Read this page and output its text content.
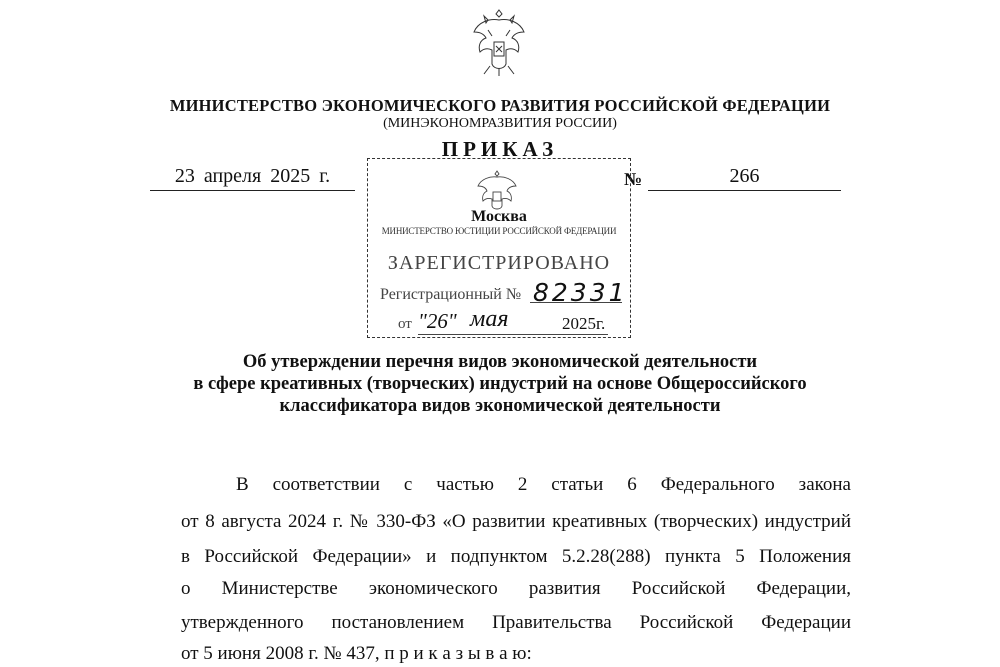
МИНИСТЕРСТВО ЭКОНОМИЧЕСКОГО РАЗВИТИЯ РОССИЙСКОЙ ФЕДЕРАЦИИ
(МИНЭКОНОМРАЗВИТИЯ РОССИИ)
ПРИКАЗ
23 апреля 2025 г.	№	266
Москва
МИНИСТЕРСТВО ЮСТИЦИИ РОССИЙСКОЙ ФЕДЕРАЦИИ
ЗАРЕГИСТРИРОВАНО
Регистрационный № 82331
от "26" мая	2025г.
Об утверждении перечня видов экономической деятельности
в сфере креативных (творческих) индустрий на основе Общероссийского
классификатора видов экономической деятельности
В соответствии с частью 2 статьи 6 Федерального закона
от 8 августа 2024 г. № 330-ФЗ «О развитии креативных (творческих) индустрий
в Российской Федерации» и подпунктом 5.2.28(288) пункта 5 Положения
о Министерстве экономического развития Российской Федерации,
утвержденного постановлением Правительства Российской Федерации
от 5 июня 2008 г. № 437, п р и к а з ы в а ю:
